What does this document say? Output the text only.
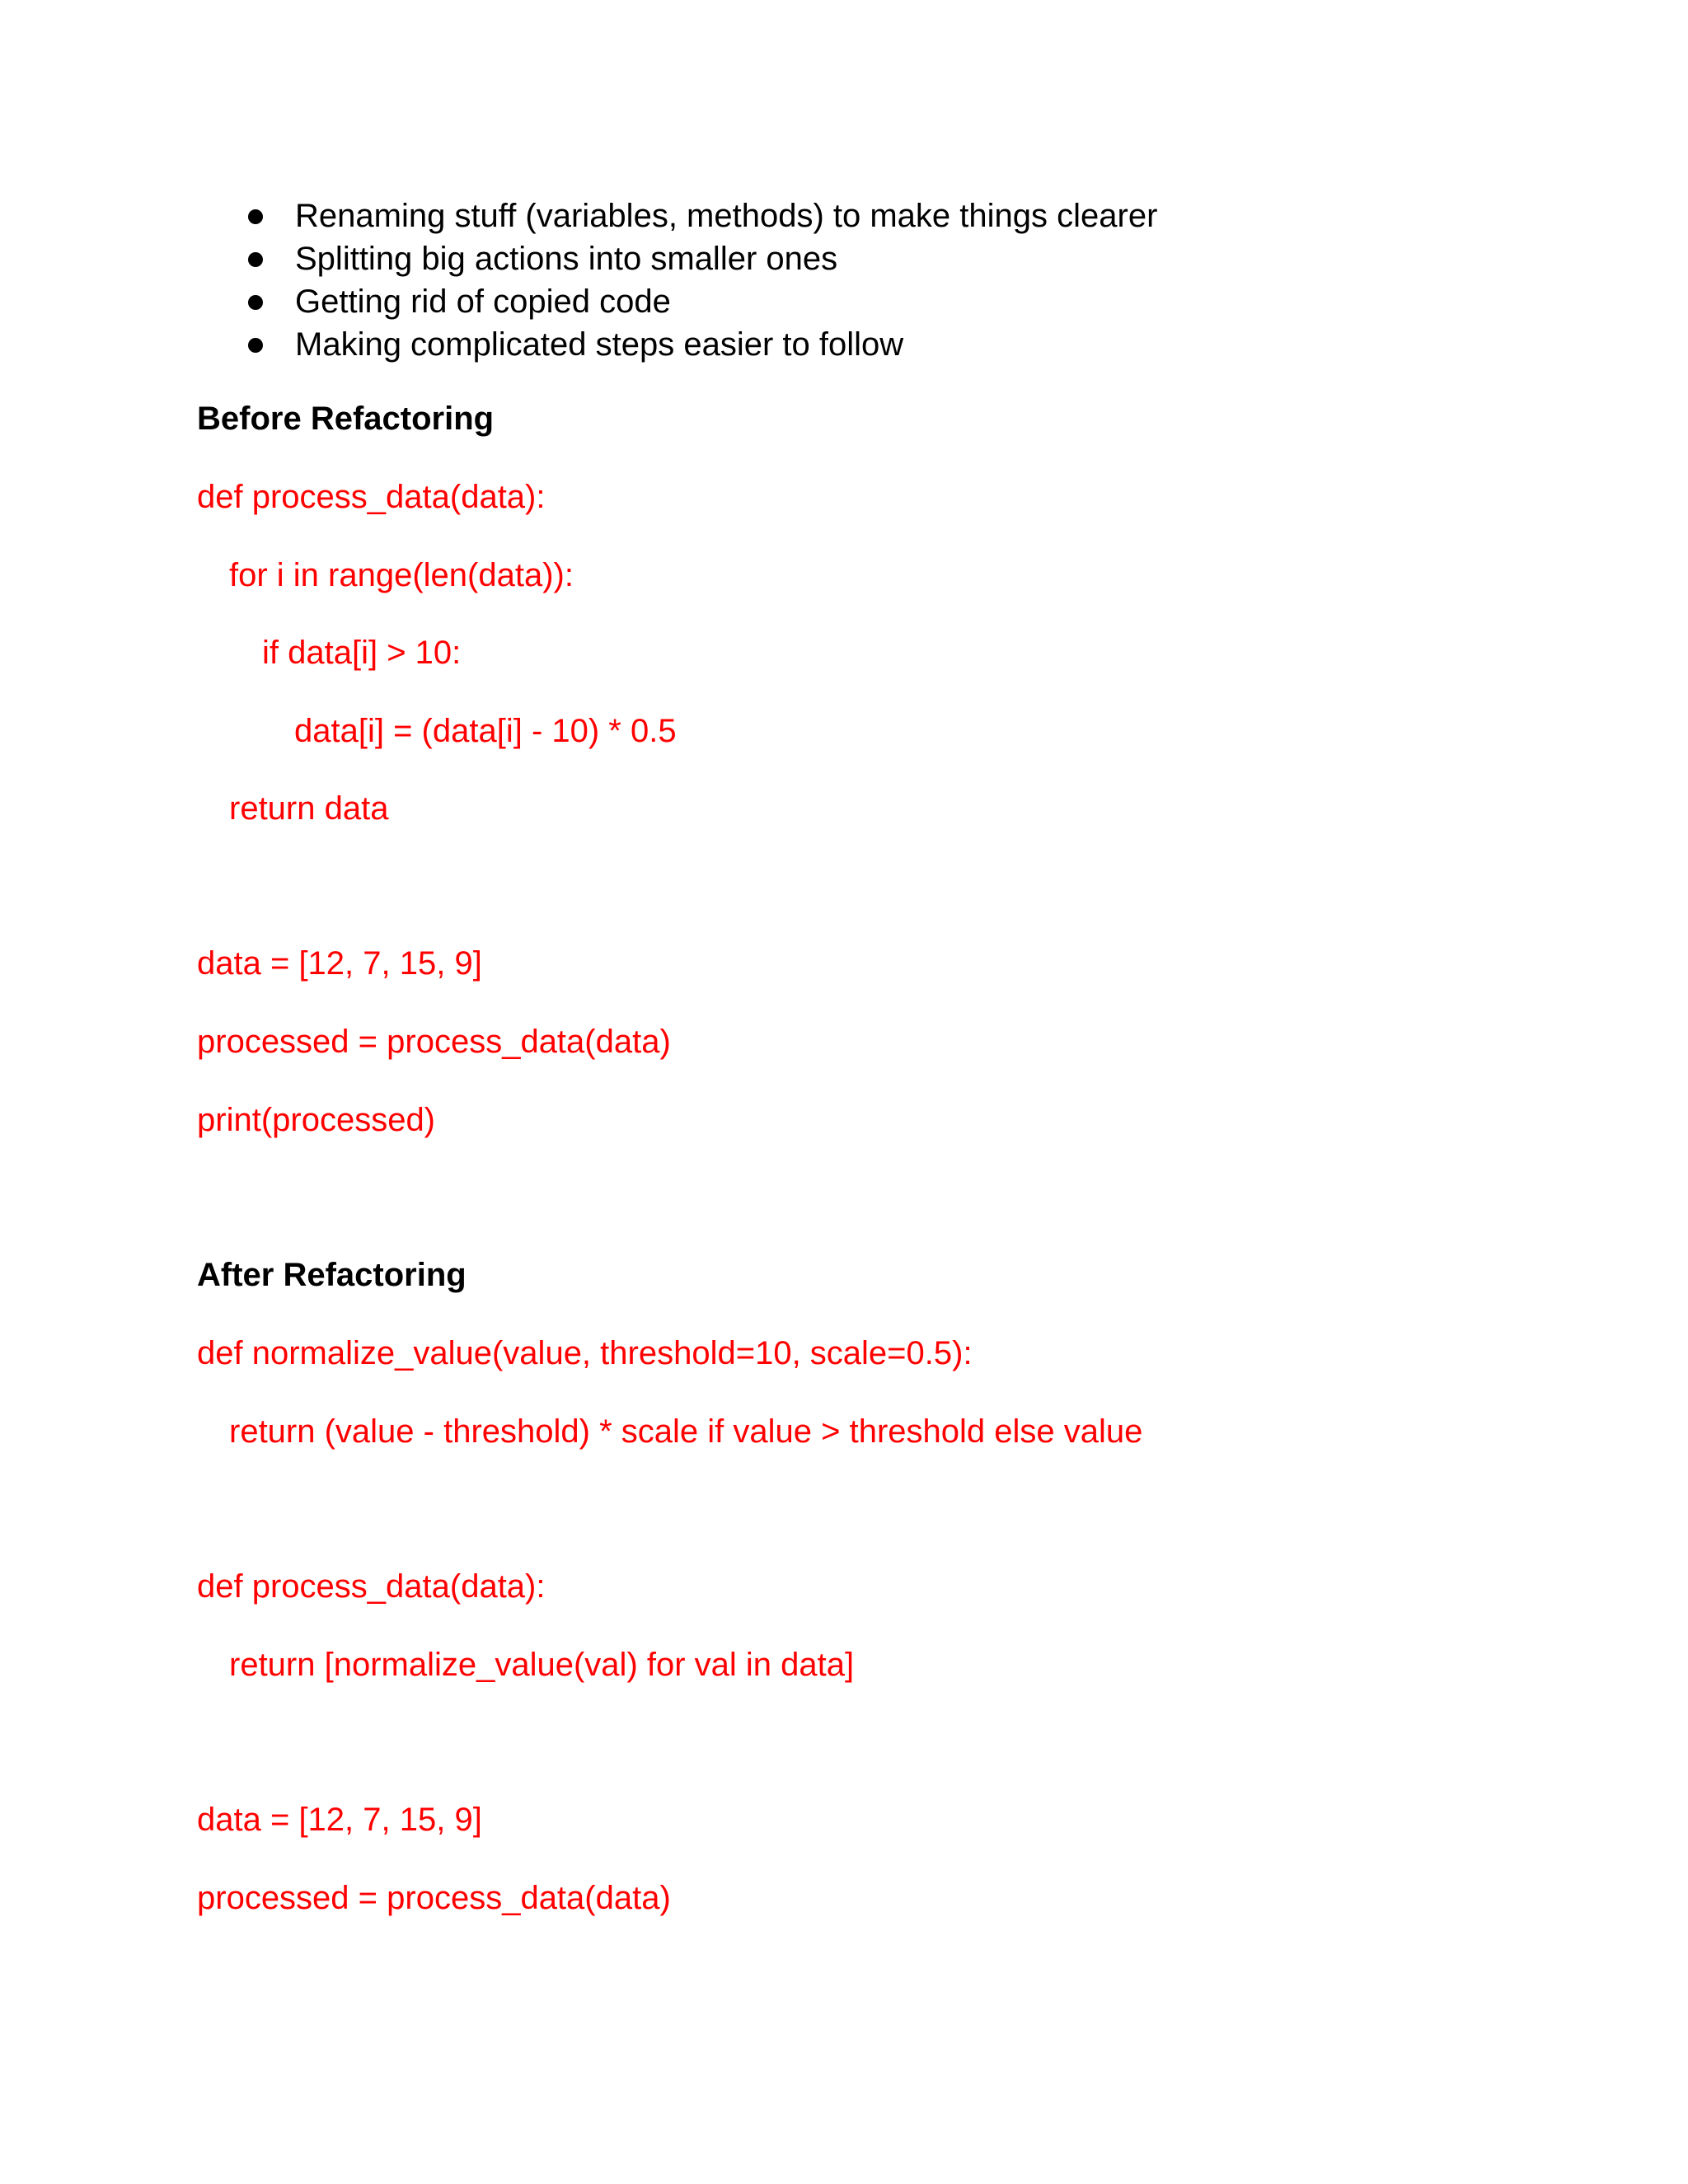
Renaming stuff (variables, methods) to make things clearer
Splitting big actions into smaller ones
Getting rid of copied code
Making complicated steps easier to follow
Before Refactoring
def process_data(data):
for i in range(len(data)):
if data[i] > 10:
data[i] = (data[i] - 10) * 0.5
return data
data = [12, 7, 15, 9]
processed = process_data(data)
print(processed)
After Refactoring
def normalize_value(value, threshold=10, scale=0.5):
return (value - threshold) * scale if value > threshold else value
def process_data(data):
return [normalize_value(val) for val in data]
data = [12, 7, 15, 9]
processed = process_data(data)
